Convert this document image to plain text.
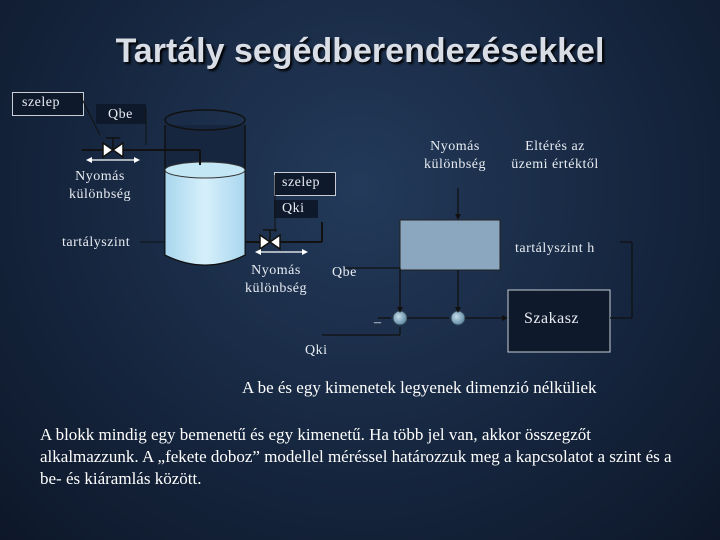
Tartály segédberendezésekkel
szelep
Qbe
Nyomás
különbség
tartályszint
szelep
Qki
Nyomás
különbség
Qbe
Nyomás
különbség
Eltérés az
üzemi értéktől
tartályszint h
Szakasz
–
Qki
A be és egy kimenetek legyenek dimenzió nélküliek
A blokk mindig egy bemenetű és egy kimenetű. Ha több jel van, akkor összegzőt alkalmazzunk. A „fekete doboz” modellel méréssel határozzuk meg a kapcsolatot a szint és a be- és kiáramlás között.
